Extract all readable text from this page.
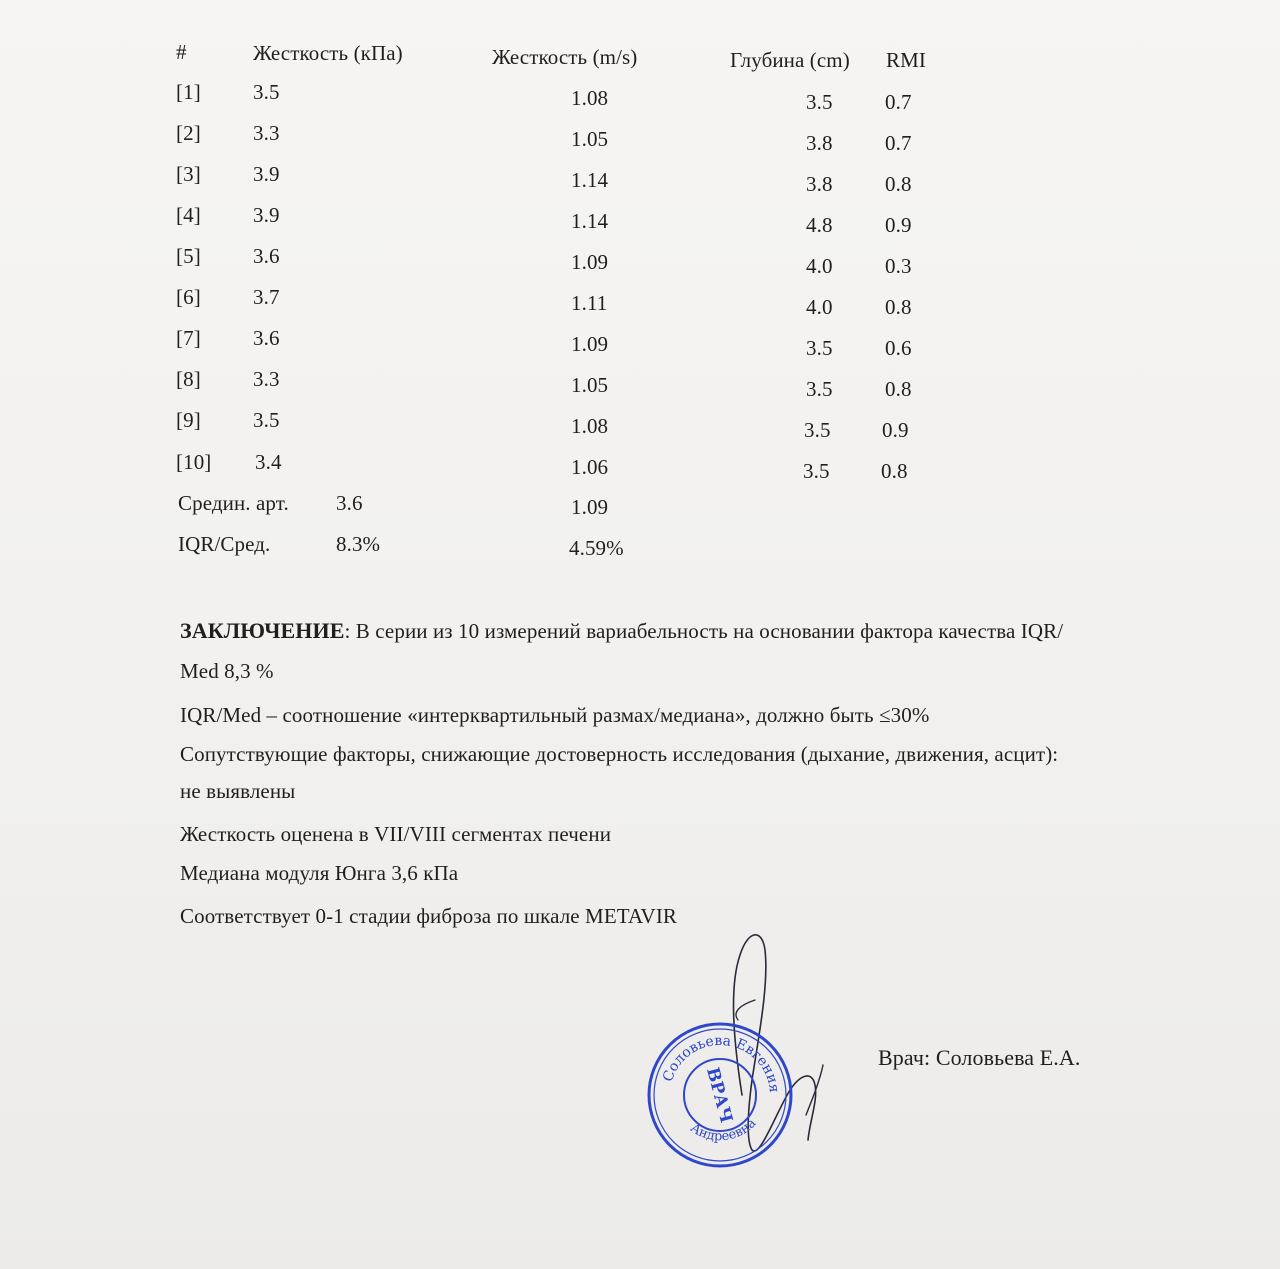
#	Жесткость (кПа)	Жесткость (m/s)	Глубина (cm) RMI
[1] 3.5	1.08	3.5 0.7
[2] 3.3	1.05	3.8 0.7
[3] 3.9	1.14	3.8 0.8
[4] 3.9	1.14	4.8 0.9
[5] 3.6	1.09	4.0 0.3
[6] 3.7	1.11	4.0 0.8
[7] 3.6	1.09	3.5 0.6
[8] 3.3	1.05	3.5 0.8
[9] 3.5	1.08	3.5 0.9
[10] 3.4	1.06	3.5 0.8
Средин. арт. 3.6	1.09
IQR/Сред.	8.3%	4.59%
ЗАКЛЮЧЕНИЕ: В серии из 10 измерений вариабельность на основании фактора качества IQR/
Med 8,3 %
IQR/Med – соотношение «интерквартильный размах/медиана», должно быть ≤30%
Сопутствующие факторы, снижающие достоверность исследования (дыхание, движения, асцит):
не выявлены
Жесткость оценена в VII/VIII сегментах печени
Медиана модуля Юнга 3,6 кПа
Соответствует 0-1 стадии фиброза по шкале METAVIR
Врач: Соловьева Е.А.
Соловьева Евгения
Андреевна
ВРАЧ
